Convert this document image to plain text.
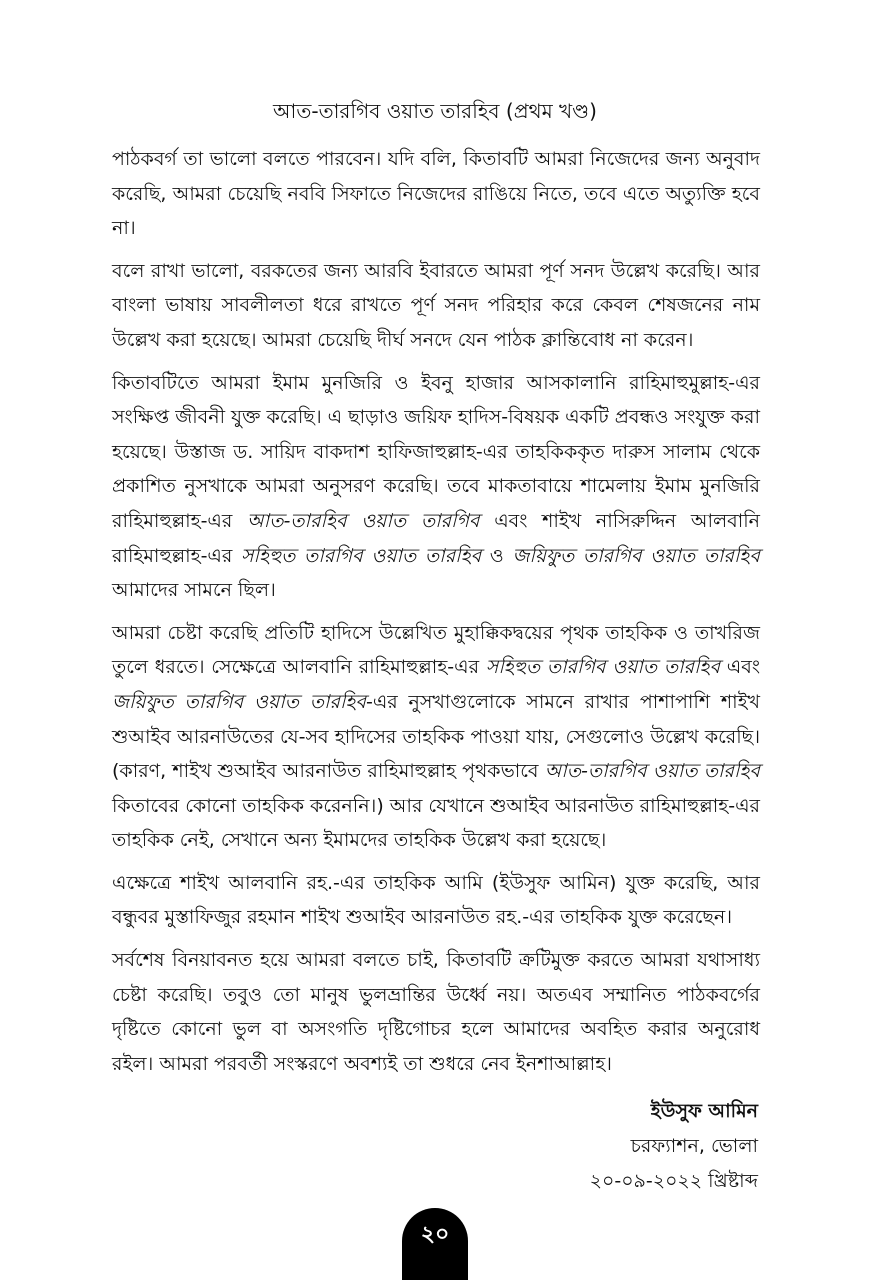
আত-তারগিব ওয়াত তারহিব (প্রথম খণ্ড)

পাঠকবর্গ তা ভালো বলতে পারবেন। যদি বলি, কিতাবটি আমরা নিজেদের জন্য অনুবাদ করেছি, আমরা চেয়েছি নববি সিফাতে নিজেদের রাঙিয়ে নিতে, তবে এতে অত্যুক্তি হবে না।

বলে রাখা ভালো, বরকতের জন্য আরবি ইবারতে আমরা পূর্ণ সনদ উল্লেখ করেছি। আর বাংলা ভাষায় সাবলীলতা ধরে রাখতে পূর্ণ সনদ পরিহার করে কেবল শেষজনের নাম উল্লেখ করা হয়েছে। আমরা চেয়েছি দীর্ঘ সনদে যেন পাঠক ক্লান্তিবোধ না করেন।

কিতাবটিতে আমরা ইমাম মুনজিরি ও ইবনু হাজার আসকালানি রাহিমাহুমুল্লাহ-এর সংক্ষিপ্ত জীবনী যুক্ত করেছি। এ ছাড়াও জয়িফ হাদিস-বিষয়ক একটি প্রবন্ধও সংযুক্ত করা হয়েছে। উস্তাজ ড. সায়িদ বাকদাশ হাফিজাহুল্লাহ-এর তাহকিককৃত দারুস সালাম থেকে প্রকাশিত নুসখাকে আমরা অনুসরণ করেছি। তবে মাকতাবায়ে শামেলায় ইমাম মুনজিরি রাহিমাহুল্লাহ-এর আত-তারহিব ওয়াত তারগিব এবং শাইখ নাসিরুদ্দিন আলবানি রাহিমাহুল্লাহ-এর সহিহুত তারগিব ওয়াত তারহিব ও জয়িফুত তারগিব ওয়াত তারহিব আমাদের সামনে ছিল।

আমরা চেষ্টা করেছি প্রতিটি হাদিসে উল্লেখিত মুহাক্কিকদ্বয়ের পৃথক তাহকিক ও তাখরিজ তুলে ধরতে। সেক্ষেত্রে আলবানি রাহিমাহুল্লাহ-এর সহিহুত তারগিব ওয়াত তারহিব এবং জয়িফুত তারগিব ওয়াত তারহিব-এর নুসখাগুলোকে সামনে রাখার পাশাপাশি শাইখ শুআইব আরনাউতের যে-সব হাদিসের তাহকিক পাওয়া যায়, সেগুলোও উল্লেখ করেছি। (কারণ, শাইখ শুআইব আরনাউত রাহিমাহুল্লাহ পৃথকভাবে আত-তারগিব ওয়াত তারহিব কিতাবের কোনো তাহকিক করেননি।) আর যেখানে শুআইব আরনাউত রাহিমাহুল্লাহ-এর তাহকিক নেই, সেখানে অন্য ইমামদের তাহকিক উল্লেখ করা হয়েছে।

এক্ষেত্রে শাইখ আলবানি রহ.-এর তাহকিক আমি (ইউসুফ আমিন) যুক্ত করেছি, আর বন্ধুবর মুস্তাফিজুর রহমান শাইখ শুআইব আরনাউত রহ.-এর তাহকিক যুক্ত করেছেন।

সর্বশেষ বিনয়াবনত হয়ে আমরা বলতে চাই, কিতাবটি ক্রটিমুক্ত করতে আমরা যথাসাধ্য চেষ্টা করেছি। তবুও তো মানুষ ভুলভ্রান্তির উর্ধ্বে নয়। অতএব সম্মানিত পাঠকবর্গের দৃষ্টিতে কোনো ভুল বা অসংগতি দৃষ্টিগোচর হলে আমাদের অবহিত করার অনুরোধ রইল। আমরা পরবর্তী সংস্করণে অবশ্যই তা শুধরে নেব ইনশাআল্লাহ।

ইউসুফ আমিন
চরফ্যাশন, ভোলা
২০-০৯-২০২২ খ্রিষ্টাব্দ
২০
